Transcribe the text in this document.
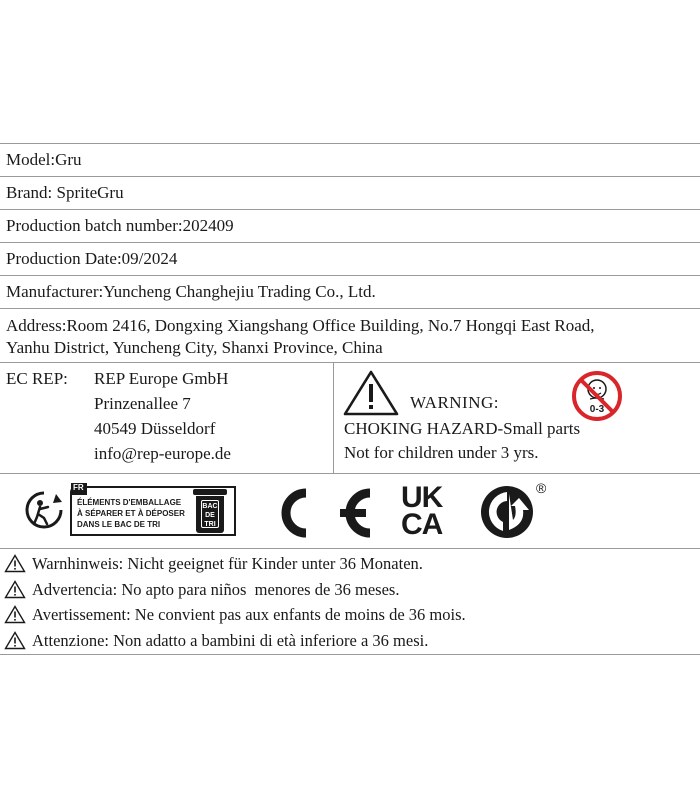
Model:Gru
Brand: SpriteGru
Production batch number:202409
Production Date:09/2024
Manufacturer:Yuncheng Changhejiu Trading Co., Ltd.
Address:Room 2416, Dongxing Xiangshang Office Building, No.7 Hongqi East Road,
Yanhu District, Yuncheng City, Shanxi Province, China
EC REP: REP Europe GmbH
Prinzenallee 7
40549 Düsseldorf
info@rep-europe.de
WARNING:	0-3
CHOKING HAZARD-Small parts
Not for children under 3 yrs.
FR
ÉLÉMENTS D'EMBALLAGE
À SÉPARER ET À DÉPOSER
DANS LE BAC DE TRI
BAC
DE
TRI
UK
CA
®
Warnhinweis: Nicht geeignet für Kinder unter 36 Monaten.
Advertencia: No apto para niños  menores de 36 meses.
Avertissement: Ne convient pas aux enfants de moins de 36 mois.
Attenzione: Non adatto a bambini di età inferiore a 36 mesi.
